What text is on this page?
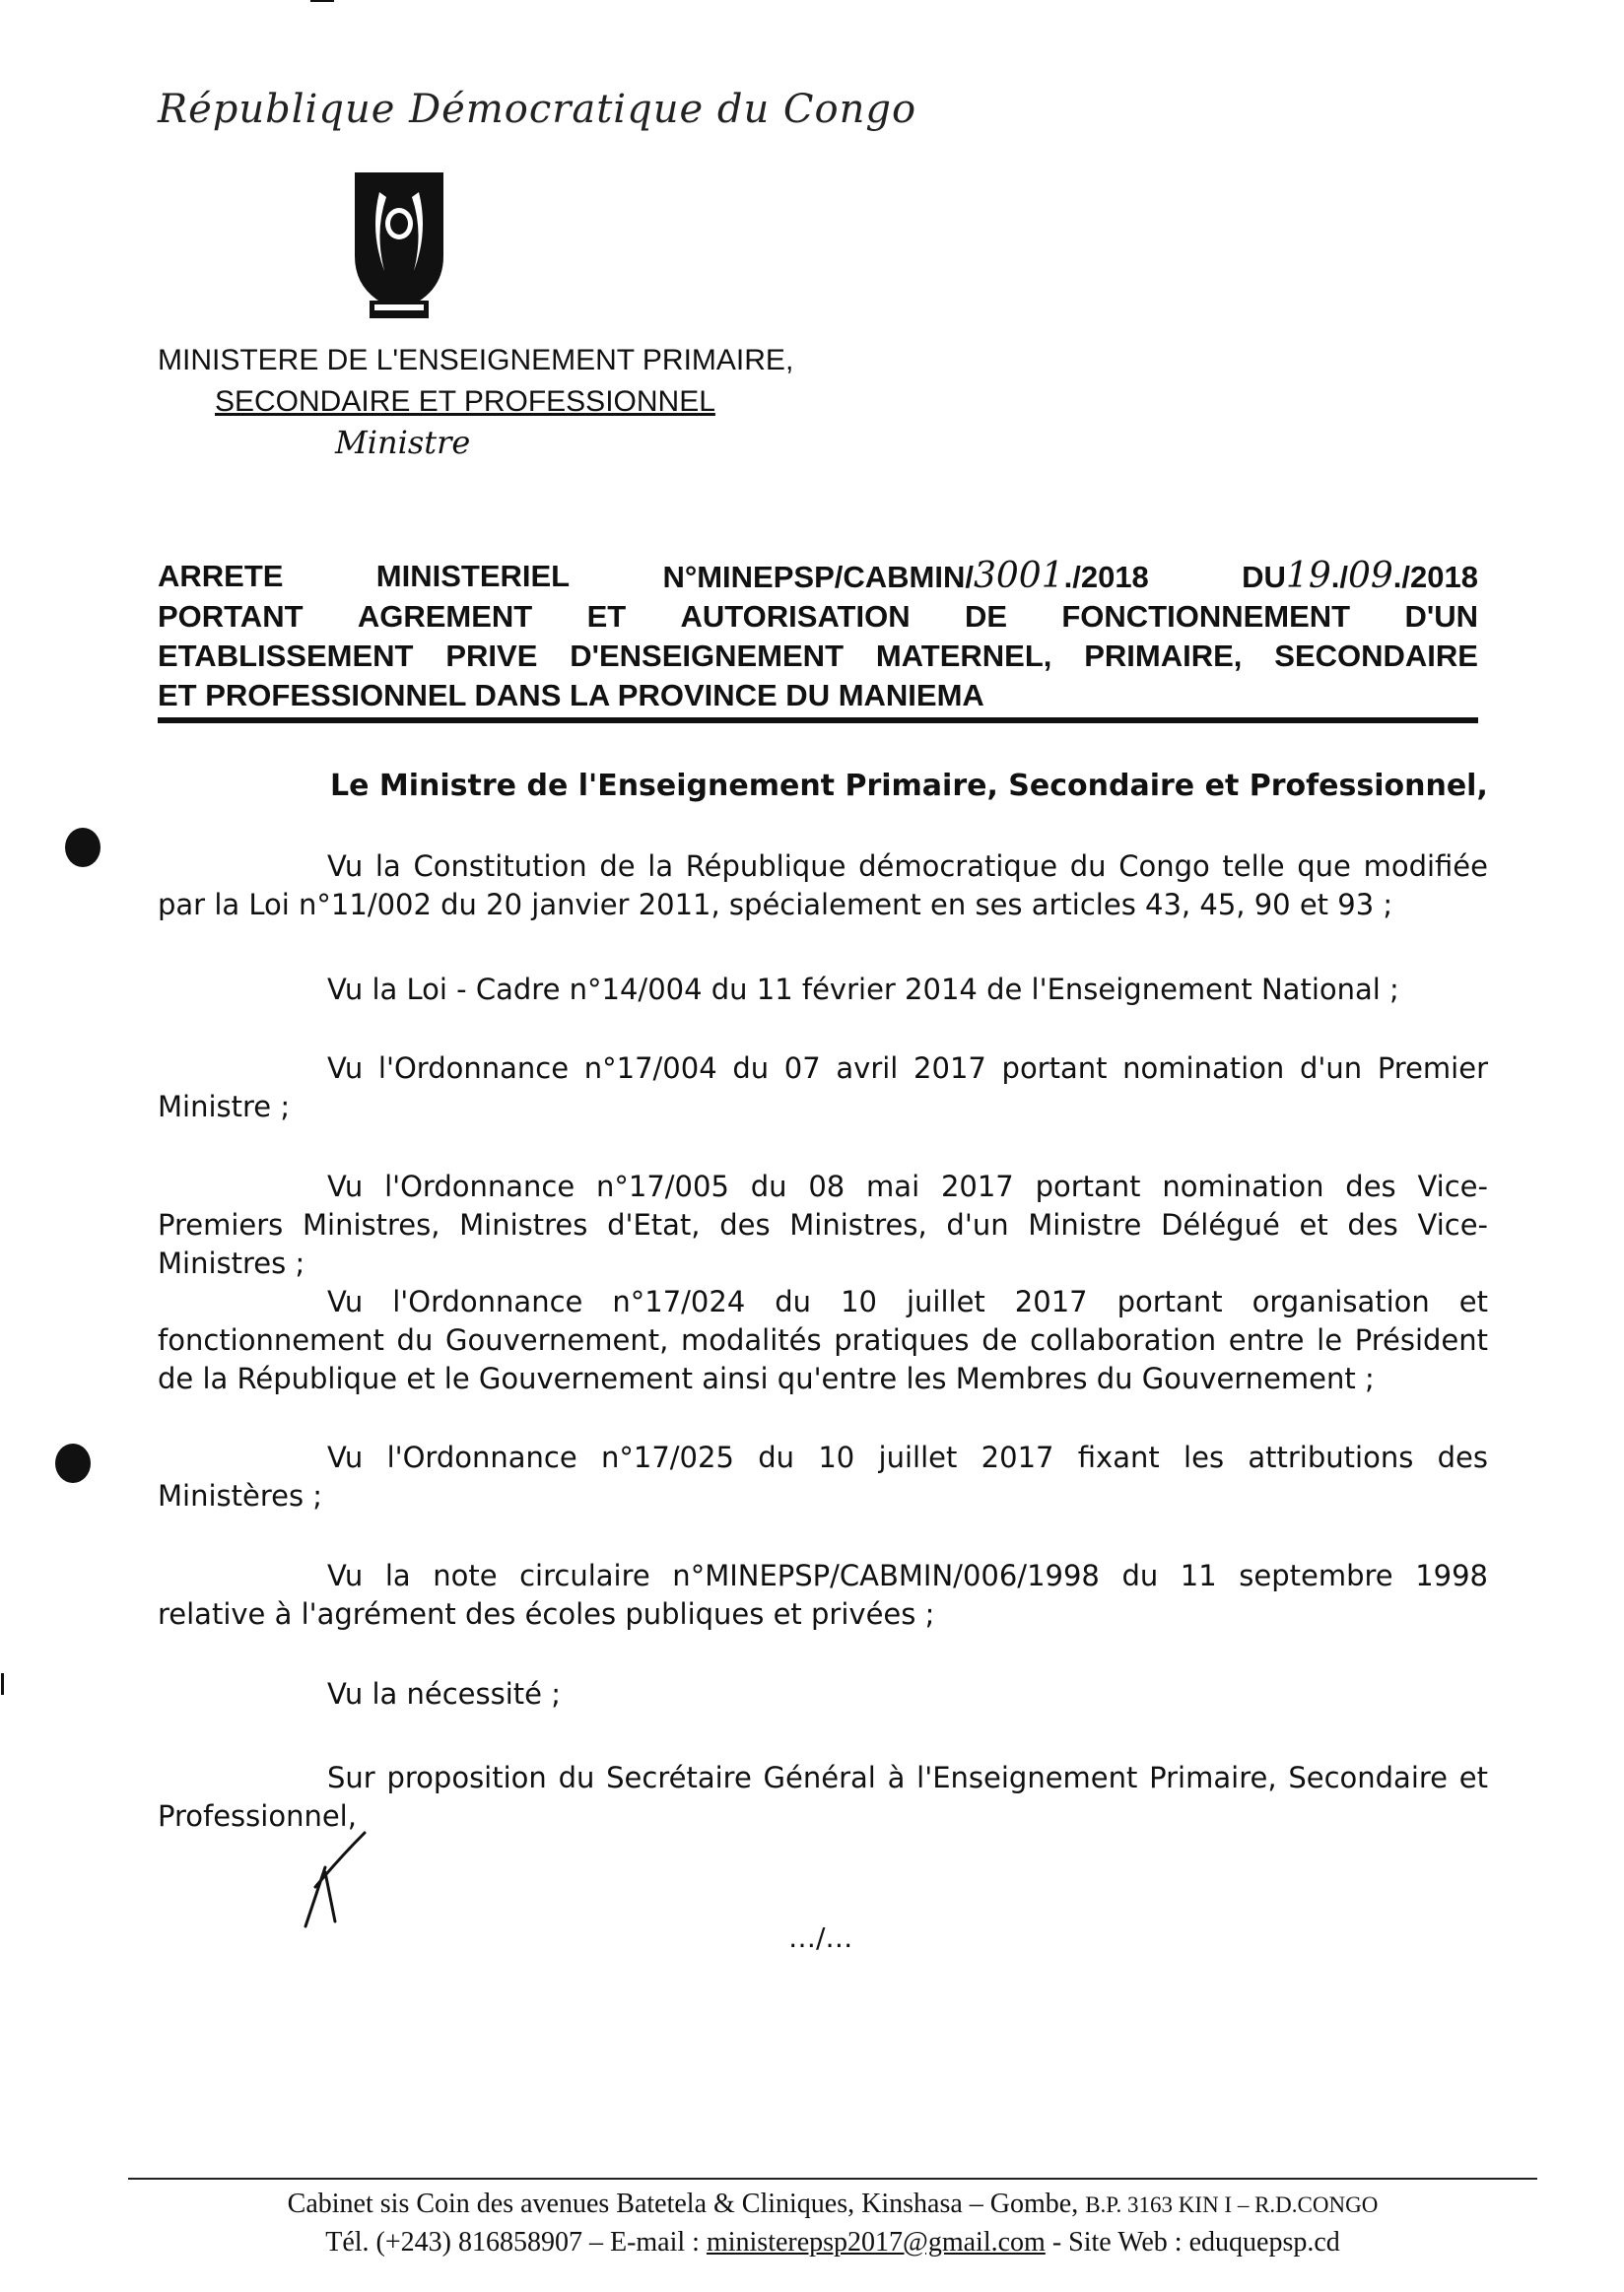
République Démocratique du Congo
MINISTERE DE L'ENSEIGNEMENT PRIMAIRE,
SECONDAIRE ET PROFESSIONNEL
Ministre
ARRETE	MINISTERIEL	N°MINEPSP/CABMIN/3001./2018	DU19./09./2018
PORTANT AGREMENT ET AUTORISATION DE FONCTIONNEMENT D'UN
ETABLISSEMENT PRIVE D'ENSEIGNEMENT MATERNEL, PRIMAIRE, SECONDAIRE
ET PROFESSIONNEL DANS LA PROVINCE DU MANIEMA
Le Ministre de l'Enseignement Primaire, Secondaire et Professionnel,
Vu la Constitution de la République démocratique du Congo telle que modifiée par la Loi n°11/002 du 20 janvier 2011, spécialement en ses articles 43, 45, 90 et 93 ;
Vu la Loi - Cadre n°14/004 du 11 février 2014 de l'Enseignement National ;
Vu l'Ordonnance n°17/004 du 07 avril 2017 portant nomination d'un Premier Ministre ;
Vu l'Ordonnance n°17/005 du 08 mai 2017 portant nomination des Vice-Premiers Ministres, Ministres d'Etat, des Ministres, d'un Ministre Délégué et des Vice-Ministres ;
Vu l'Ordonnance n°17/024 du 10 juillet 2017 portant organisation et fonctionnement du Gouvernement, modalités pratiques de collaboration entre le Président de la République et le Gouvernement ainsi qu'entre les Membres du Gouvernement ;
Vu l'Ordonnance n°17/025 du 10 juillet 2017 fixant les attributions des Ministères ;
Vu la note circulaire n°MINEPSP/CABMIN/006/1998 du 11 septembre 1998 relative à l'agrément des écoles publiques et privées ;
Vu la nécessité ;
Sur proposition du Secrétaire Général à l'Enseignement Primaire, Secondaire et Professionnel,
…/…
Cabinet sis Coin des avenues Batetela & Cliniques, Kinshasa – Gombe, B.P. 3163 KIN I – R.D.CONGO
Tél. (+243) 816858907 – E-mail : ministerepsp2017@gmail.com - Site Web : eduquepsp.cd
